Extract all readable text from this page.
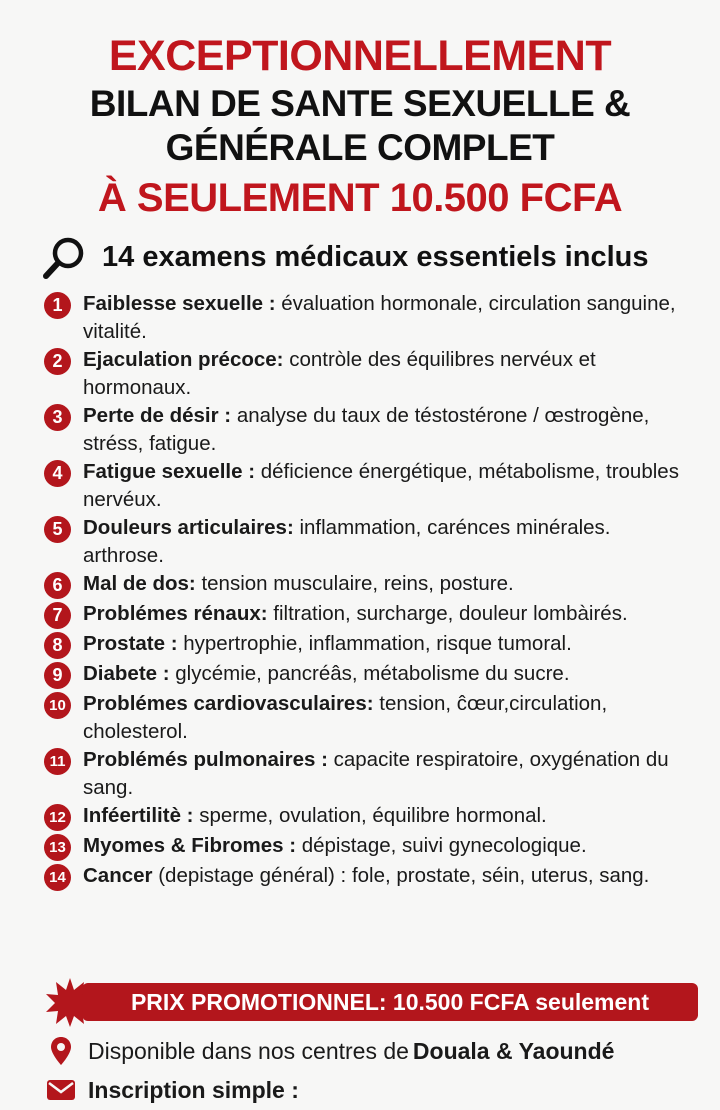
EXCEPTIONNELLEMENT
BILAN DE SANTE SEXUELLE &
GÉNÉRALE COMPLET
À SEULEMENT 10.500 FCFA
14 examens médicaux essentiels inclus
1	Faiblesse sexuelle : évaluation hormonale, circulation sanguine, vitalité.
2	Ejaculation précoce: contròle des équilibres nervéux et hormonaux.
3	Perte de désir : analyse du taux de téstostérone / œstrogène, stréss, fatigue.
4	Fatigue sexuelle : déficience énergétique, métabolisme, troubles nervéux.
5	Douleurs articulaires: inflammation, carénces minérales. arthrose.
6	Mal de dos: tension musculaire, reins, posture.
7	Problémes rénaux: filtration, surcharge, douleur lombàirés.
8	Prostate : hypertrophie, inflammation, risque tumoral.
9	Diabete : glycémie, pancréâs, métabolisme du sucre.
10 Problémes cardiovasculaires: tension, ĉœur,circulation, cholesterol.
11 Problémés pulmonaires : capacite respiratoire, oxygénation du sang.
12 Inféertilitè : sperme, ovulation, équilibre hormonal.
13 Myomes & Fibromes : dépistage, suivi gynecologique.
14 Cancer (depistage général) : fole, prostate, séin, uterus, sang.
PRIX PROMOTIONNEL: 10.500 FCFA seulement
Disponible dans nos centres de Douala & Yaoundé
Inscription simple :
